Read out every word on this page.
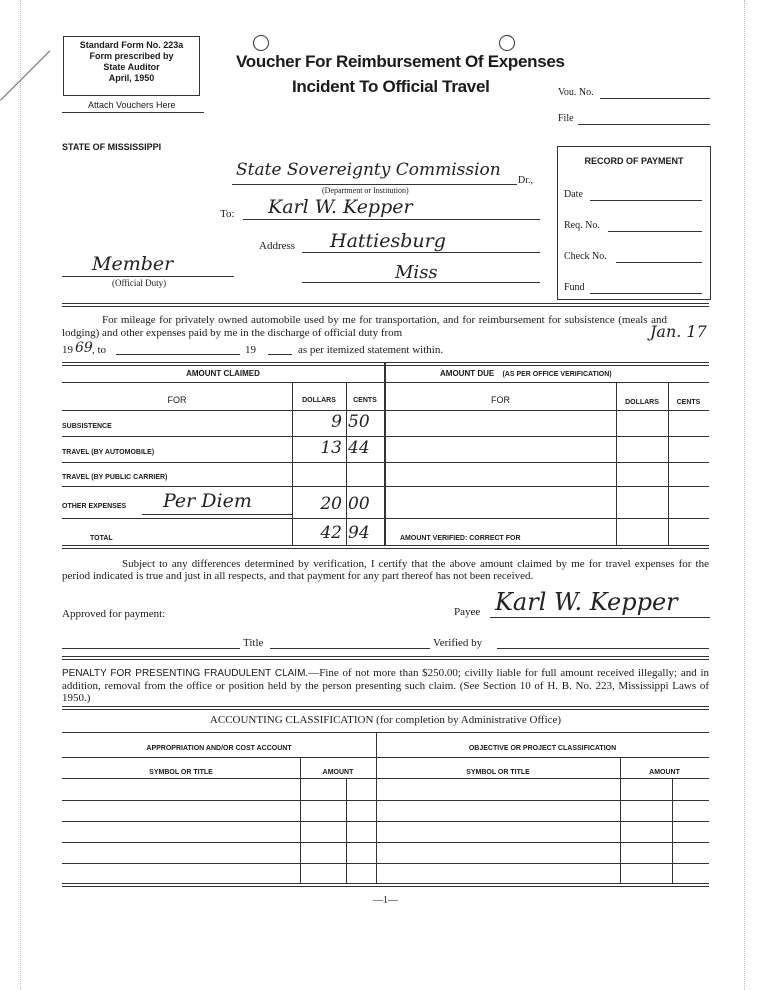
Standard Form No. 223a
Form prescribed by
State Auditor
April, 1950
Attach Vouchers Here
Voucher For Reimbursement Of Expenses
Incident To Official Travel	Vou. No.
File
STATE OF MISSISSIPPI
State Sovereignty Commission
Dr.,
(Department or Institution)
To: Karl W. Kepper
Address Hattiesburg
Miss
Member
(Official Duty)
RECORD OF PAYMENT
Date
Req. No.
Check No.
Fund
For mileage for privately owned automobile used by me for transportation, and for reimbursement for subsistence (meals and lodging) and other expenses paid by me in the discharge of official duty from	Jan. 17
19 69 , to	19	as per itemized statement within.
AMOUNT CLAIMED	AMOUNT DUE (AS PER OFFICE VERIFICATION)
FOR	DOLLARS	CENTS	FOR	DOLLARS	CENTS
SUBSISTENCE	9 50
TRAVEL (BY AUTOMOBILE)	13 44
TRAVEL (BY PUBLIC CARRIER)
OTHER EXPENSES Per Diem	20 00
TOTAL	42 94	AMOUNT VERIFIED: CORRECT FOR
Subject to any differences determined by verification, I certify that the above amount claimed by me for travel expenses for the period indicated is true and just in all respects, and that payment for any part thereof has not been received.
Approved for payment:	Payee Karl W. Kepper
Title	Verified by
PENALTY FOR PRESENTING FRAUDULENT CLAIM.—Fine of not more than $250.00; civilly liable for full amount received illegally; and in addition, removal from the office or position held by the person presenting such claim. (See Section 10 of H. B. No. 223, Mississippi Laws of 1950.)
ACCOUNTING CLASSIFICATION (for completion by Administrative Office)
APPROPRIATION AND/OR COST ACCOUNT	OBJECTIVE OR PROJECT CLASSIFICATION
SYMBOL OR TITLE	AMOUNT	SYMBOL OR TITLE	AMOUNT
—1—
